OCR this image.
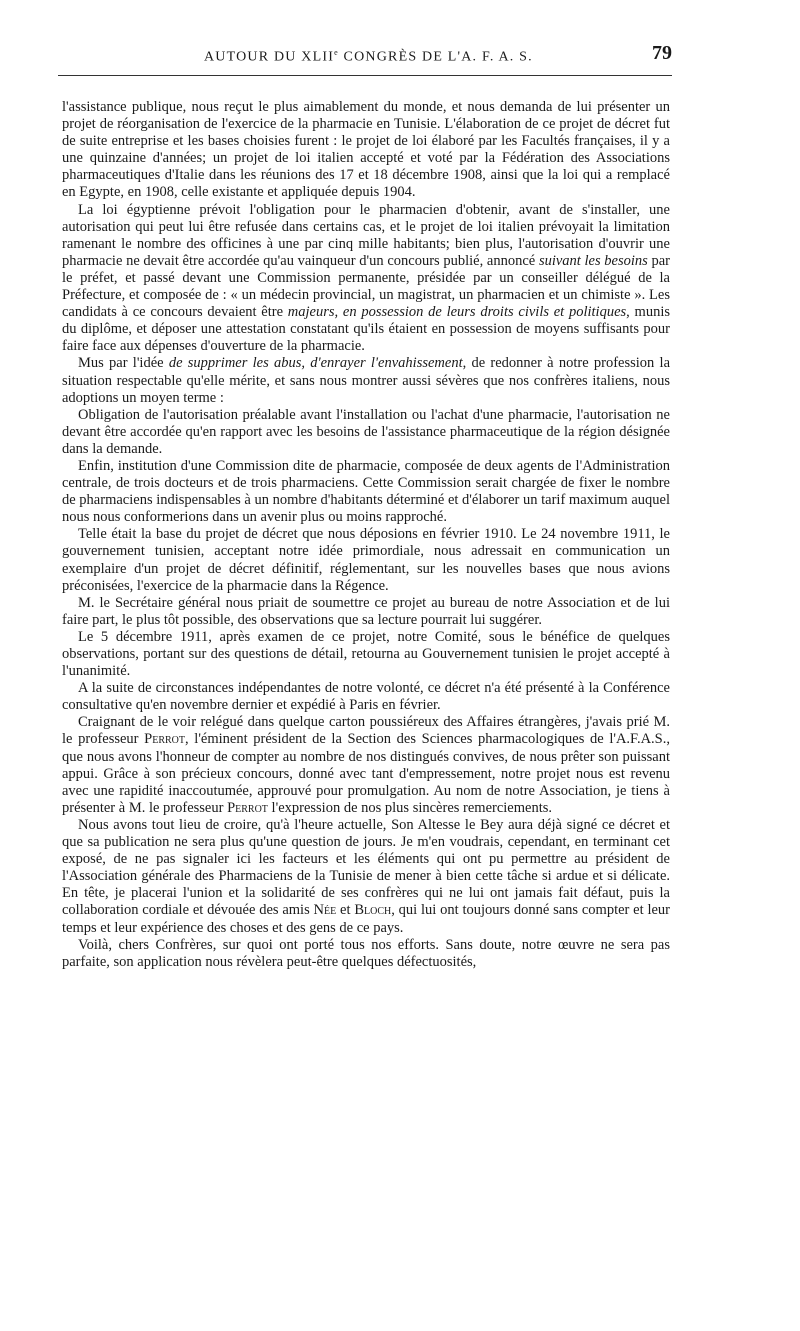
AUTOUR DU XLIIe CONGRÈS DE L'A. F. A. S.	79

l'assistance publique, nous reçut le plus aimablement du monde, et nous demanda de lui présenter un projet de réorganisation de l'exercice de la pharmacie en Tunisie. L'élaboration de ce projet de décret fut de suite entreprise et les bases choisies furent : le projet de loi élaboré par les Facultés françaises, il y a une quinzaine d'années; un projet de loi italien accepté et voté par la Fédération des Associations pharmaceutiques d'Italie dans les réunions des 17 et 18 décembre 1908, ainsi que la loi qui a remplacé en Egypte, en 1908, celle existante et appliquée depuis 1904.

La loi égyptienne prévoit l'obligation pour le pharmacien d'obtenir, avant de s'installer, une autorisation qui peut lui être refusée dans certains cas, et le projet de loi italien prévoyait la limitation ramenant le nombre des officines à une par cinq mille habitants; bien plus, l'autorisation d'ouvrir une pharmacie ne devait être accordée qu'au vainqueur d'un concours publié, annoncé suivant les besoins par le préfet, et passé devant une Commission permanente, présidée par un conseiller délégué de la Préfecture, et composée de : « un médecin provincial, un magistrat, un pharmacien et un chimiste ». Les candidats à ce concours devaient être majeurs, en possession de leurs droits civils et politiques, munis du diplôme, et déposer une attestation constatant qu'ils étaient en possession de moyens suffisants pour faire face aux dépenses d'ouverture de la pharmacie.

Mus par l'idée de supprimer les abus, d'enrayer l'envahissement, de redonner à notre profession la situation respectable qu'elle mérite, et sans nous montrer aussi sévères que nos confrères italiens, nous adoptions un moyen terme :

Obligation de l'autorisation préalable avant l'installation ou l'achat d'une pharmacie, l'autorisation ne devant être accordée qu'en rapport avec les besoins de l'assistance pharmaceutique de la région désignée dans la demande.

Enfin, institution d'une Commission dite de pharmacie, composée de deux agents de l'Administration centrale, de trois docteurs et de trois pharmaciens. Cette Commission serait chargée de fixer le nombre de pharmaciens indispensables à un nombre d'habitants déterminé et d'élaborer un tarif maximum auquel nous nous conformerions dans un avenir plus ou moins rapproché.

Telle était la base du projet de décret que nous déposions en février 1910. Le 24 novembre 1911, le gouvernement tunisien, acceptant notre idée primordiale, nous adressait en communication un exemplaire d'un projet de décret définitif, réglementant, sur les nouvelles bases que nous avions préconisées, l'exercice de la pharmacie dans la Régence.

M. le Secrétaire général nous priait de soumettre ce projet au bureau de notre Association et de lui faire part, le plus tôt possible, des observations que sa lecture pourrait lui suggérer.

Le 5 décembre 1911, après examen de ce projet, notre Comité, sous le bénéfice de quelques observations, portant sur des questions de détail, retourna au Gouvernement tunisien le projet accepté à l'unanimité.

A la suite de circonstances indépendantes de notre volonté, ce décret n'a été présenté à la Conférence consultative qu'en novembre dernier et expédié à Paris en février.

Craignant de le voir relégué dans quelque carton poussiéreux des Affaires étrangères, j'avais prié M. le professeur Perrot, l'éminent président de la Section des Sciences pharmacologiques de l'A.F.A.S., que nous avons l'honneur de compter au nombre de nos distingués convives, de nous prêter son puissant appui. Grâce à son précieux concours, donné avec tant d'empressement, notre projet nous est revenu avec une rapidité inaccoutumée, approuvé pour promulgation. Au nom de notre Association, je tiens à présenter à M. le professeur Perrot l'expression de nos plus sincères remerciements.

Nous avons tout lieu de croire, qu'à l'heure actuelle, Son Altesse le Bey aura déjà signé ce décret et que sa publication ne sera plus qu'une question de jours. Je m'en voudrais, cependant, en terminant cet exposé, de ne pas signaler ici les facteurs et les éléments qui ont pu permettre au président de l'Association générale des Pharmaciens de la Tunisie de mener à bien cette tâche si ardue et si délicate. En tête, je placerai l'union et la solidarité de ses confrères qui ne lui ont jamais fait défaut, puis la collaboration cordiale et dévouée des amis Née et Bloch, qui lui ont toujours donné sans compter et leur temps et leur expérience des choses et des gens de ce pays.

Voilà, chers Confrères, sur quoi ont porté tous nos efforts. Sans doute, notre œuvre ne sera pas parfaite, son application nous révèlera peut-être quelques défectuosités,
